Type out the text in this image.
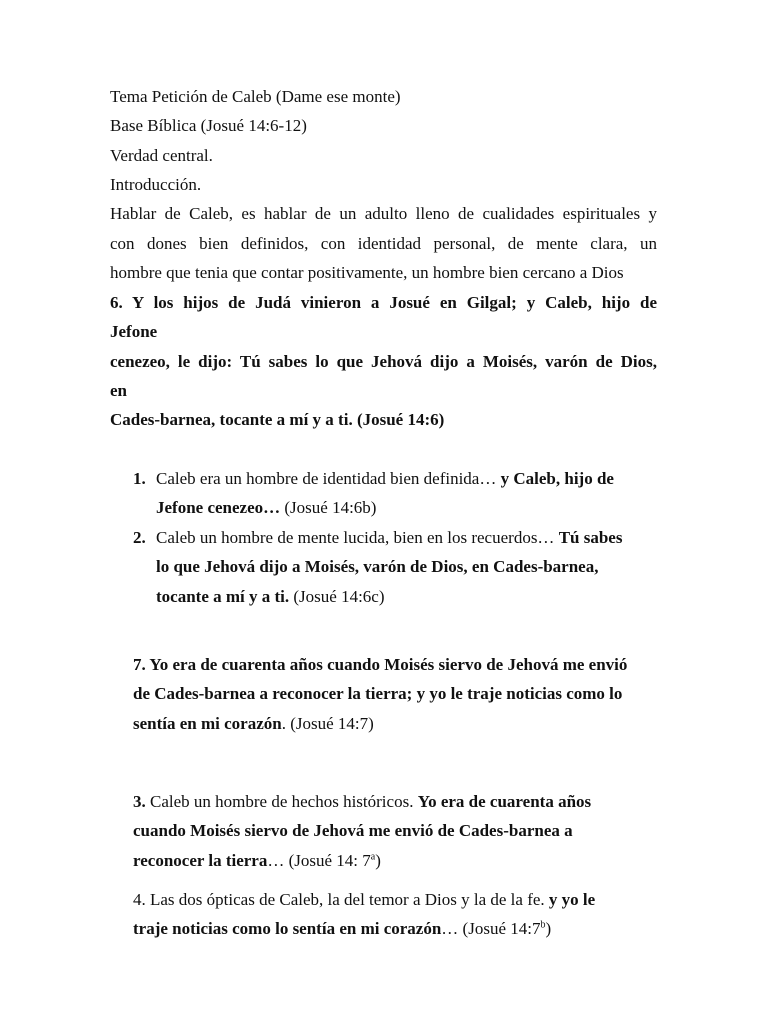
Tema Petición de Caleb (Dame ese monte)
Base Bíblica (Josué 14:6-12)
Verdad central.
Introducción.
Hablar de Caleb, es hablar de un adulto lleno de cualidades espirituales y
con dones bien definidos, con identidad personal, de mente clara, un
hombre que tenia que contar positivamente, un hombre bien cercano a Dios
6. Y los hijos de Judá vinieron a Josué en Gilgal; y Caleb, hijo de
Jefone
cenezeo, le dijo: Tú sabes lo que Jehová dijo a Moisés, varón de Dios,
en
Cades-barnea, tocante a mí y a ti. (Josué 14:6)
1. Caleb era un hombre de identidad bien definida… y Caleb, hijo de
Jefone cenezeo… (Josué 14:6b)
2. Caleb un hombre de mente lucida, bien en los recuerdos… Tú sabes
lo que Jehová dijo a Moisés, varón de Dios, en Cades-barnea,
tocante a mí y a ti. (Josué 14:6c)
7. Yo era de cuarenta años cuando Moisés siervo de Jehová me envió
de Cades-barnea a reconocer la tierra; y yo le traje noticias como lo
sentía en mi corazón. (Josué 14:7)
3. Caleb un hombre de hechos históricos. Yo era de cuarenta años
cuando Moisés siervo de Jehová me envió de Cades-barnea a
reconocer la tierra… (Josué 14: 7$^a$)
4. Las dos ópticas de Caleb, la del temor a Dios y la de la fe. y yo le
traje noticias como lo sentía en mi corazón… (Josué 14:7$^b$)
